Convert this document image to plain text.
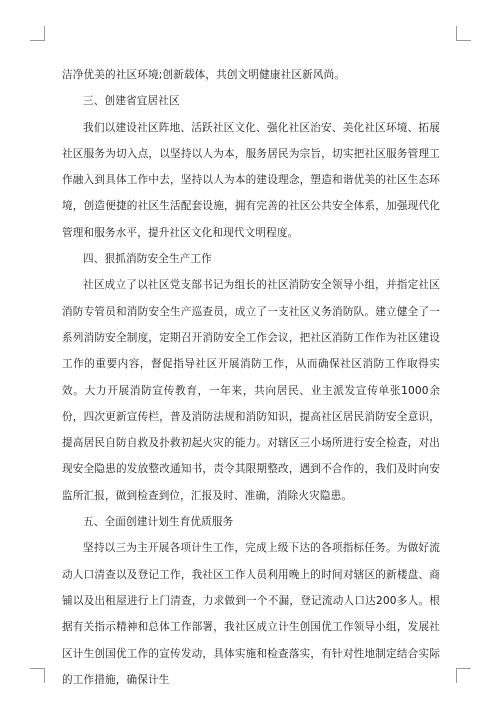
洁净优美的社区环境;创新载体，共创文明健康社区新风尚。

三、创建省宜居社区

我们以建设社区阵地、活跃社区文化、强化社区治安、美化社区环境、拓展社区服务为切入点，以坚持以人为本，服务居民为宗旨，切实把社区服务管理工作融入到具体工作中去，坚持以人为本的建设理念，塑造和谐优美的社区生态环境，创造便捷的社区生活配套设施，拥有完善的社区公共安全体系，加强现代化管理和服务水平，提升社区文化和现代文明程度。

四、狠抓消防安全生产工作

社区成立了以社区党支部书记为组长的社区消防安全领导小组，并指定社区消防专管员和消防安全生产巡查员，成立了一支社区义务消防队。建立健全了一系列消防安全制度，定期召开消防安全工作会议，把社区消防工作作为社区建设工作的重要内容，督促指导社区开展消防工作，从而确保社区消防工作取得实效。大力开展消防宣传教育，一年来，共向居民、业主派发宣传单张1000余份，四次更新宣传栏，普及消防法规和消防知识，提高社区居民消防安全意识，提高居民自防自救及扑救初起火灾的能力。对辖区三小场所进行安全检查，对出现安全隐患的发放整改通知书，责令其限期整改，遇到不合作的，我们及时向安监所汇报，做到检查到位，汇报及时、准确，消除火灾隐患。

五、全面创建计划生育优质服务

坚持以三为主开展各项计生工作，完成上级下达的各项指标任务。为做好流动人口清查以及登记工作，我社区工作人员利用晚上的时间对辖区的新楼盘、商铺以及出租屋进行上门清查，力求做到一个不漏，登记流动人口达200多人。根据有关指示精神和总体工作部署，我社区成立计生创国优工作领导小组，发展社区计生创国优工作的宣传发动，具体实施和检查落实，有针对性地制定结合实际的工作措施，确保计生
